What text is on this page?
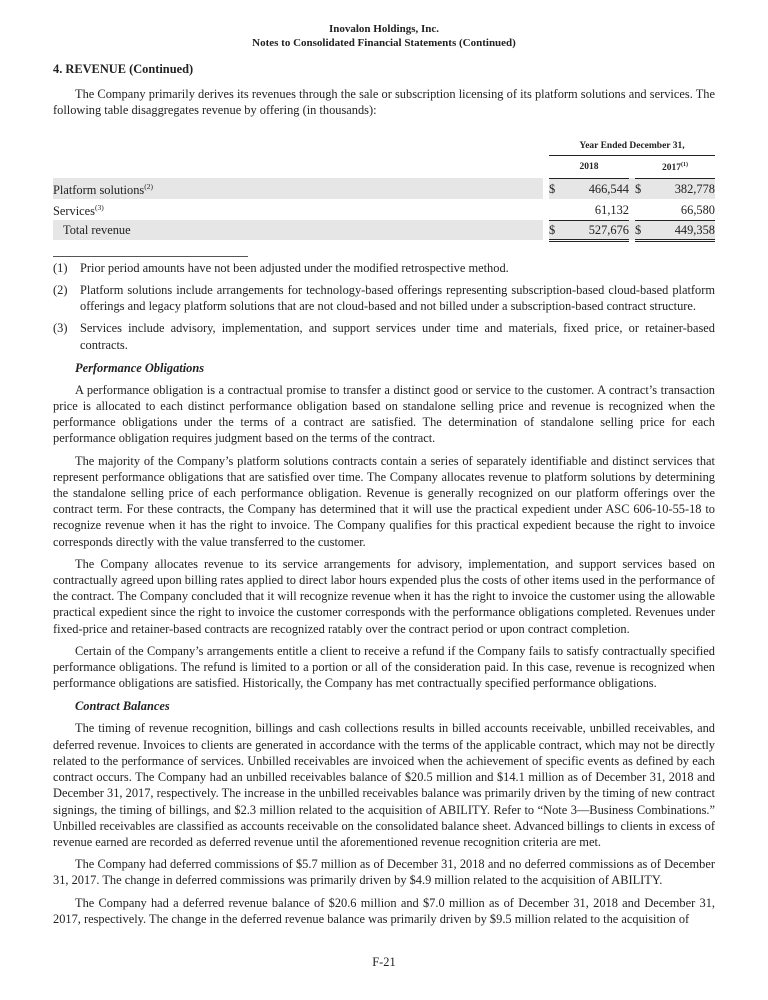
Inovalon Holdings, Inc.
Notes to Consolidated Financial Statements (Continued)
4. REVENUE (Continued)

The Company primarily derives its revenues through the sale or subscription licensing of its platform solutions and services. The following table disaggregates revenue by offering (in thousands):

		Year Ended December 31,				
		2018			2017$^{(1)}$
Platform solutions$^{(2)}$		$	466,544		$	382,778
Services$^{(3)}$			61,132			66,580
Total revenue		$	527,676		$	449,358
(1)	Prior period amounts have not been adjusted under the modified retrospective method.
(2)	Platform solutions include arrangements for technology-based offerings representing subscription-based cloud-based platform offerings and legacy platform solutions that are not cloud-based and not billed under a subscription-based contract structure.
(3)	Services include advisory, implementation, and support services under time and materials, fixed price, or retainer-based contracts.
Performance Obligations

A performance obligation is a contractual promise to transfer a distinct good or service to the customer. A contract’s transaction price is allocated to each distinct performance obligation based on standalone selling price and revenue is recognized when the performance obligations under the terms of a contract are satisfied. The determination of standalone selling price for each performance obligation requires judgment based on the terms of the contract.

The majority of the Company’s platform solutions contracts contain a series of separately identifiable and distinct services that represent performance obligations that are satisfied over time. The Company allocates revenue to platform solutions by determining the standalone selling price of each performance obligation. Revenue is generally recognized on our platform offerings over the contract term. For these contracts, the Company has determined that it will use the practical expedient under ASC 606-10-55-18 to recognize revenue when it has the right to invoice. The Company qualifies for this practical expedient because the right to invoice corresponds directly with the value transferred to the customer.

The Company allocates revenue to its service arrangements for advisory, implementation, and support services based on contractually agreed upon billing rates applied to direct labor hours expended plus the costs of other items used in the performance of the contract. The Company concluded that it will recognize revenue when it has the right to invoice the customer using the allowable practical expedient since the right to invoice the customer corresponds with the performance obligations completed. Revenues under fixed-price and retainer-based contracts are recognized ratably over the contract period or upon contract completion.

Certain of the Company’s arrangements entitle a client to receive a refund if the Company fails to satisfy contractually specified performance obligations. The refund is limited to a portion or all of the consideration paid. In this case, revenue is recognized when performance obligations are satisfied. Historically, the Company has met contractually specified performance obligations.

Contract Balances

The timing of revenue recognition, billings and cash collections results in billed accounts receivable, unbilled receivables, and deferred revenue. Invoices to clients are generated in accordance with the terms of the applicable contract, which may not be directly related to the performance of services. Unbilled receivables are invoiced when the achievement of specific events as defined by each contract occurs. The Company had an unbilled receivables balance of $20.5 million and $14.1 million as of December 31, 2018 and December 31, 2017, respectively. The increase in the unbilled receivables balance was primarily driven by the timing of new contract signings, the timing of billings, and $2.3 million related to the acquisition of ABILITY. Refer to “Note 3—Business Combinations.” Unbilled receivables are classified as accounts receivable on the consolidated balance sheet. Advanced billings to clients in excess of revenue earned are recorded as deferred revenue until the aforementioned revenue recognition criteria are met.

The Company had deferred commissions of $5.7 million as of December 31, 2018 and no deferred commissions as of December 31, 2017. The change in deferred commissions was primarily driven by $4.9 million related to the acquisition of ABILITY.

The Company had a deferred revenue balance of $20.6 million and $7.0 million as of December 31, 2018 and December 31, 2017, respectively. The change in the deferred revenue balance was primarily driven by $9.5 million related to the acquisition of

F-21
